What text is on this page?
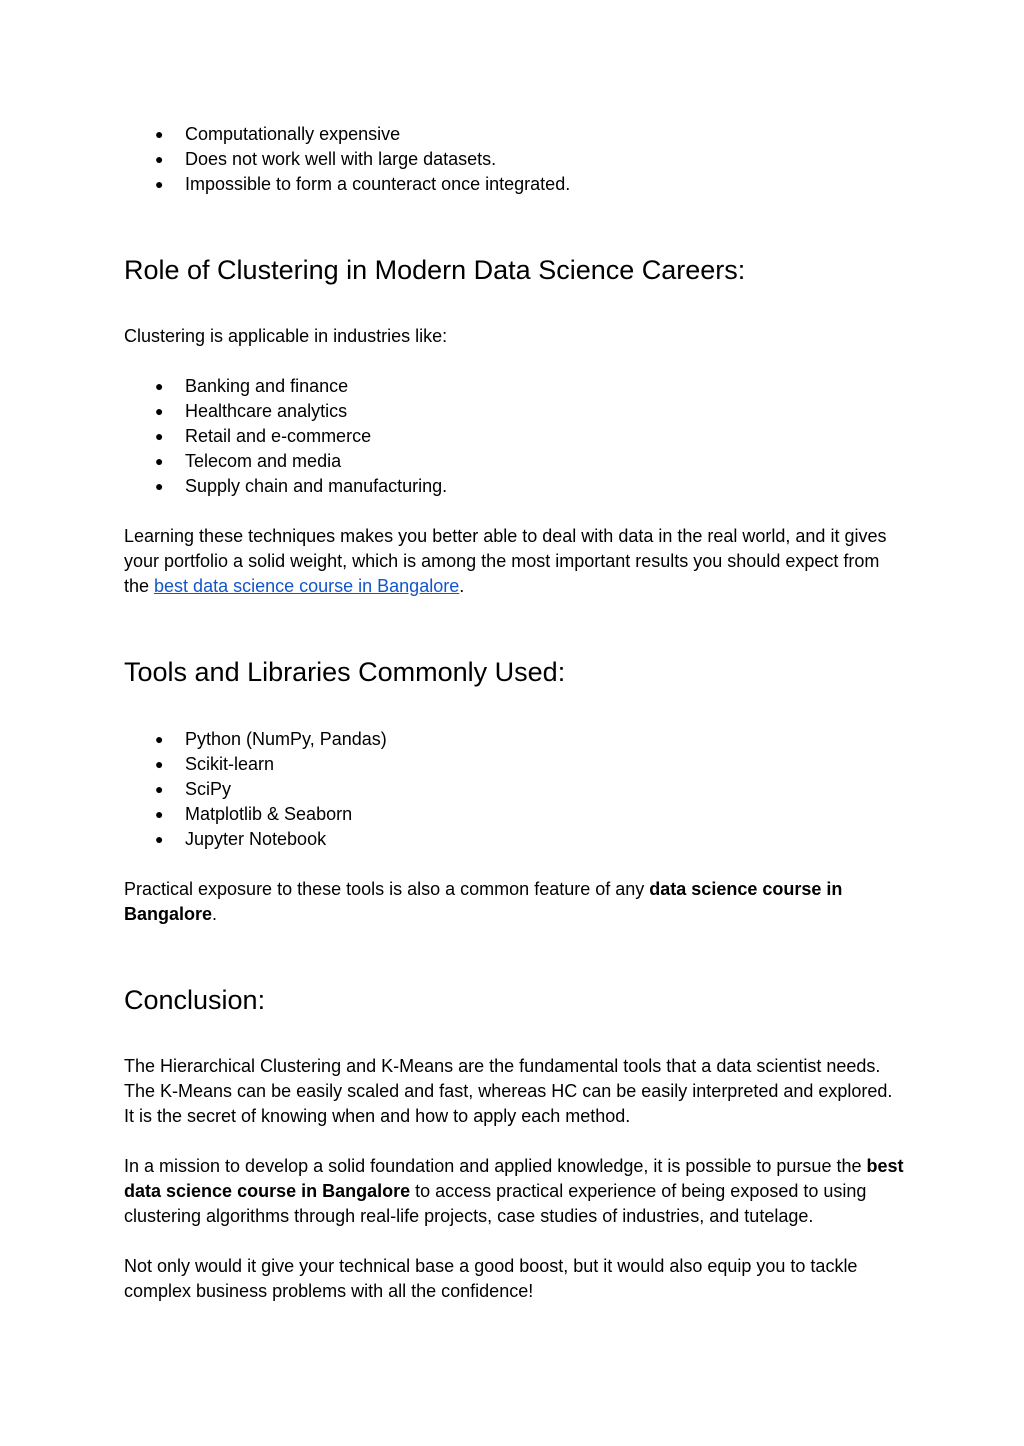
● Computationally expensive
● Does not work well with large datasets.
● Impossible to form a counteract once integrated.
Role of Clustering in Modern Data Science Careers:

Clustering is applicable in industries like:

● Banking and finance
● Healthcare analytics
● Retail and e-commerce
● Telecom and media
● Supply chain and manufacturing.

Learning these techniques makes you better able to deal with data in the real world, and it gives your portfolio a solid weight, which is among the most important results you should expect from the best data science course in Bangalore.

Tools and Libraries Commonly Used:
● Python (NumPy, Pandas)
● Scikit-learn
● SciPy
● Matplotlib & Seaborn
● Jupyter Notebook

Practical exposure to these tools is also a common feature of any data science course in Bangalore.

Conclusion:

The Hierarchical Clustering and K-Means are the fundamental tools that a data scientist needs. The K-Means can be easily scaled and fast, whereas HC can be easily interpreted and explored. It is the secret of knowing when and how to apply each method.

In a mission to develop a solid foundation and applied knowledge, it is possible to pursue the best data science course in Bangalore to access practical experience of being exposed to using clustering algorithms through real-life projects, case studies of industries, and tutelage.

Not only would it give your technical base a good boost, but it would also equip you to tackle complex business problems with all the confidence!
